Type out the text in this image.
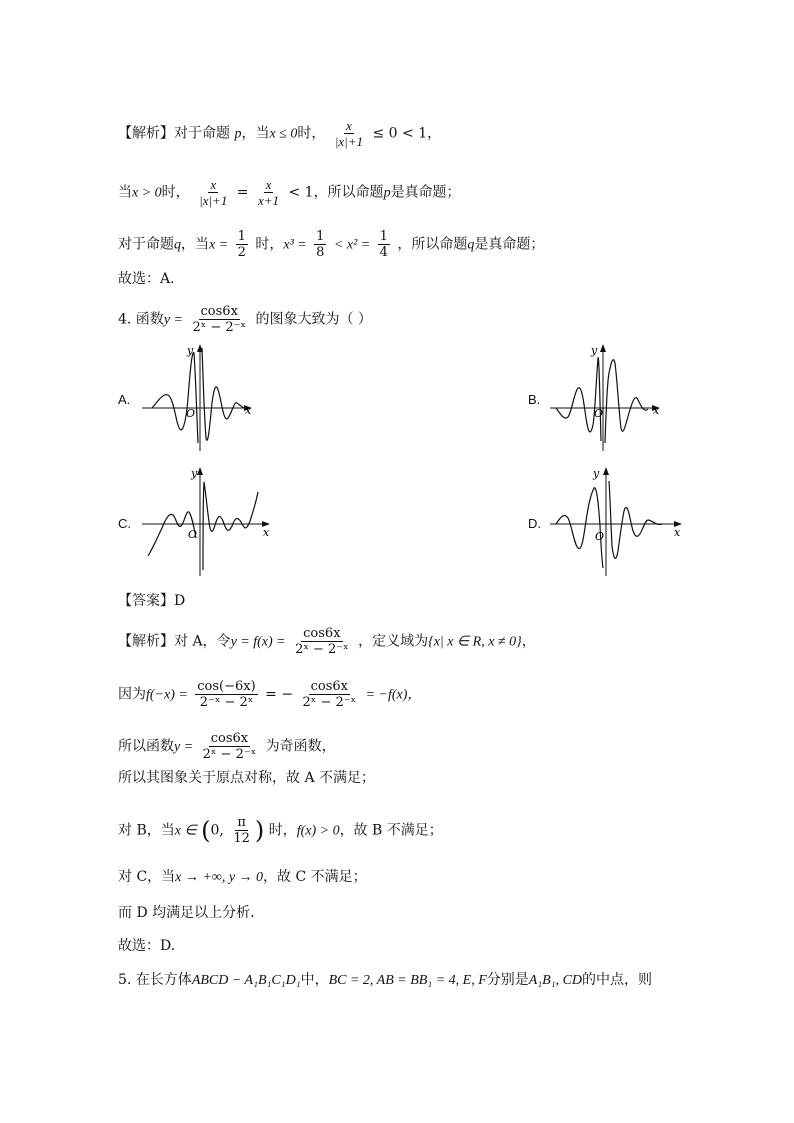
【解析】对于命题 p，当x ≤ 0时， $\frac{x}{|x|+1} \le 0 < 1$，
当x > 0时， $\frac{x}{|x|+1} = \frac{x}{x+1} < 1$，所以命题p是真命题；
对于命题q，当$x = \frac{1}{2}$ 时，$x^3 = \frac{1}{8} < x^2 = \frac{1}{4}$ ，所以命题q是真命题；
故选：A.
4. 函数$y = \frac{\cos 6x}{\text{2ˣ − 2⁻ˣ}}$ 的图象大致为（ ）
A.	B.
C.	D.
x
y
O	x
y
O
x
y
O	x
y
O
【答案】D
【解析】对 A，令$y = f(x) = \frac{\cos 6x}{\text{2ˣ − 2⁻ˣ}}$ ，定义域为{x| x ∈ R, x ≠ 0}，
因为$f(-x) = \frac{\cos(-6x)}{\text{2⁻ˣ − 2ˣ}}$ = − $\frac{\cos 6x}{\text{2ˣ − 2⁻ˣ}} = -f(x)$，
所以函数$y = \frac{\cos 6x}{\text{2ˣ − 2⁻ˣ}}$ 为奇函数，
所以其图象关于原点对称，故 A 不满足；
对 B，当x ∈ (0, $\frac{\pi}{12}$ ) 时，f(x) > 0，故 B 不满足；
对 C，当x → +∞, y → 0，故 C 不满足；
而 D 均满足以上分析.
故选：D.
5. 在长方体ABCD − A₁B₁C₁D₁中，BC = 2, AB = BB₁ = 4, E, F分别是A₁B₁, CD的中点，则
